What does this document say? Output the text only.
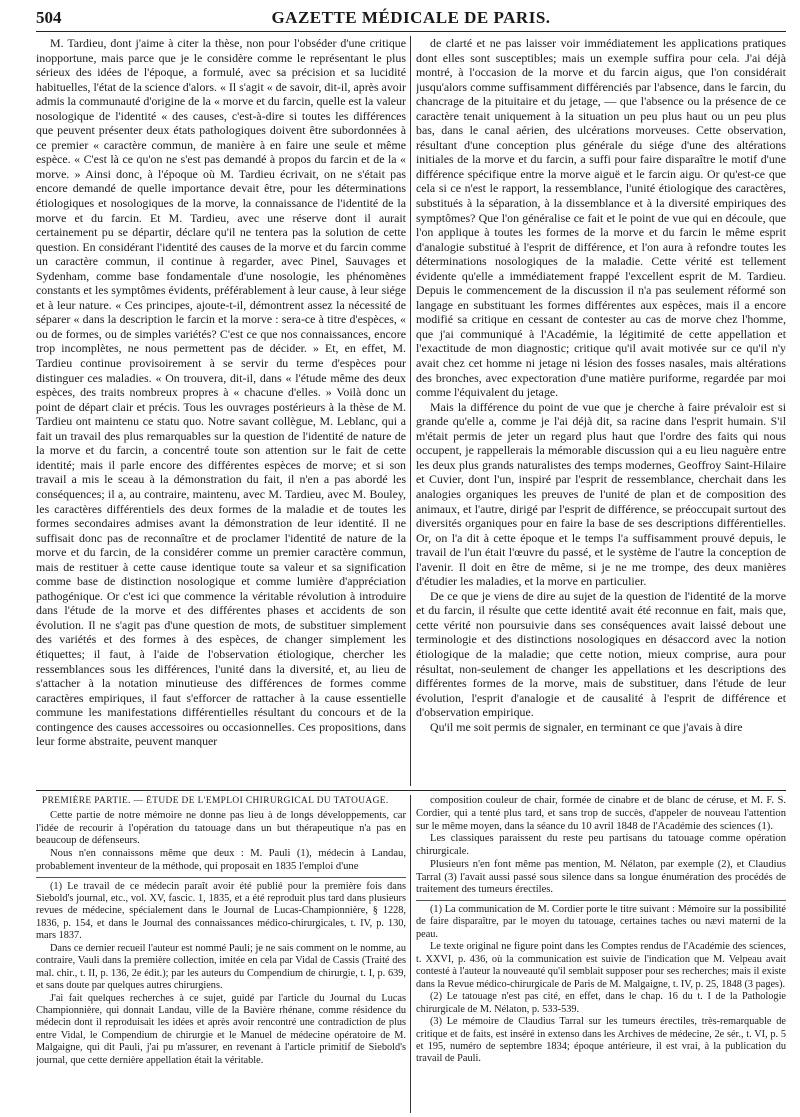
504	GAZETTE MÉDICALE DE PARIS.

M. Tardieu, dont j'aime à citer la thèse, non pour l'obséder d'une critique inopportune, mais parce que je le considère comme le représentant le plus sérieux des idées de l'époque, a formulé, avec sa précision et sa lucidité habituelles, l'état de la science d'alors. « Il s'agit « de savoir, dit-il, après avoir admis la communauté d'origine de la « morve et du farcin, quelle est la valeur nosologique de l'identité « des causes, c'est-à-dire si toutes les différences que peuvent présenter deux états pathologiques doivent être subordonnées à ce premier « caractère commun, de manière à en faire une seule et même espèce. « C'est là ce qu'on ne s'est pas demandé à propos du farcin et de la « morve. » Ainsi donc, à l'époque où M. Tardieu écrivait, on ne s'était pas encore demandé de quelle importance devait être, pour les déterminations étiologiques et nosologiques de la morve, la connaissance de l'identité de la morve et du farcin. Et M. Tardieu, avec une réserve dont il aurait certainement pu se départir, déclare qu'il ne tentera pas la solution de cette question. En considérant l'identité des causes de la morve et du farcin comme un caractère commun, il continue à regarder, avec Pinel, Sauvages et Sydenham, comme base fondamentale d'une nosologie, les phénomènes constants et les symptômes évidents, préférablement à leur cause, à leur siége et à leur nature. « Ces principes, ajoute-t-il, démontrent assez la nécessité de séparer « dans la description le farcin et la morve : sera-ce à titre d'espèces, « ou de formes, ou de simples variétés? C'est ce que nos connaissances, encore trop incomplètes, ne nous permettent pas de décider. » Et, en effet, M. Tardieu continue provisoirement à se servir du terme d'espèces pour distinguer ces maladies. « On trouvera, dit-il, dans « l'étude même des deux espèces, des traits nombreux propres à « chacune d'elles. » Voilà donc un point de départ clair et précis. Tous les ouvrages postérieurs à la thèse de M. Tardieu ont maintenu ce statu quo. Notre savant collègue, M. Leblanc, qui a fait un travail des plus remarquables sur la question de l'identité de nature de la morve et du farcin, a concentré toute son attention sur le fait de cette identité; mais il parle encore des différentes espèces de morve; et si son travail a mis le sceau à la démonstration du fait, il n'en a pas abordé les conséquences; il a, au contraire, maintenu, avec M. Tardieu, avec M. Bouley, les caractères différentiels des deux formes de la maladie et de toutes les formes secondaires admises avant la démonstration de leur identité. Il ne suffisait donc pas de reconnaître et de proclamer l'identité de nature de la morve et du farcin, de la considérer comme un premier caractère commun, mais de restituer à cette cause identique toute sa valeur et sa signification comme base de distinction nosologique et comme lumière d'appréciation pathogénique. Or c'est ici que commence la véritable révolution à introduire dans l'étude de la morve et des différentes phases et accidents de son évolution. Il ne s'agit pas d'une question de mots, de substituer simplement des variétés et des formes à des espèces, de changer simplement les étiquettes; il faut, à l'aide de l'observation étiologique, chercher les ressemblances sous les différences, l'unité dans la diversité, et, au lieu de s'attacher à la notation minutieuse des différences de formes comme caractères empiriques, il faut s'efforcer de rattacher à la cause essentielle commune les manifestations différentielles résultant du concours et de la contingence des causes accessoires ou occasionnelles. Ces propositions, dans leur forme abstraite, peuvent manquer

de clarté et ne pas laisser voir immédiatement les applications pratiques dont elles sont susceptibles; mais un exemple suffira pour cela. J'ai déjà montré, à l'occasion de la morve et du farcin aigus, que l'on considérait jusqu'alors comme suffisamment différenciés par l'absence, dans le farcin, du chancrage de la pituitaire et du jetage, — que l'absence ou la présence de ce caractère tenait uniquement à la situation un peu plus haut ou un peu plus bas, dans le canal aérien, des ulcérations morveuses. Cette observation, résultant d'une conception plus générale du siége d'une des altérations initiales de la morve et du farcin, a suffi pour faire disparaître le motif d'une différence spécifique entre la morve aiguë et le farcin aigu. Or qu'est-ce que cela si ce n'est le rapport, la ressemblance, l'unité étiologique des caractères, substitués à la séparation, à la dissemblance et à la diversité empiriques des symptômes? Que l'on généralise ce fait et le point de vue qui en découle, que l'on applique à toutes les formes de la morve et du farcin le même esprit d'analogie substitué à l'esprit de différence, et l'on aura à refondre toutes les déterminations nosologiques de la maladie. Cette vérité est tellement évidente qu'elle a immédiatement frappé l'excellent esprit de M. Tardieu. Depuis le commencement de la discussion il n'a pas seulement réformé son langage en substituant les formes différentes aux espèces, mais il a encore modifié sa critique en cessant de contester au cas de morve chez l'homme, que j'ai communiqué à l'Académie, la légitimité de cette appellation et l'exactitude de mon diagnostic; critique qu'il avait motivée sur ce qu'il n'y avait chez cet homme ni jetage ni lésion des fosses nasales, mais altérations des bronches, avec expectoration d'une matière puriforme, regardée par moi comme l'équivalent du jetage.

Mais la différence du point de vue que je cherche à faire prévaloir est si grande qu'elle a, comme je l'ai déjà dit, sa racine dans l'esprit humain. S'il m'était permis de jeter un regard plus haut que l'ordre des faits qui nous occupent, je rappellerais la mémorable discussion qui a eu lieu naguère entre les deux plus grands naturalistes des temps modernes, Geoffroy Saint-Hilaire et Cuvier, dont l'un, inspiré par l'esprit de ressemblance, cherchait dans les analogies organiques les preuves de l'unité de plan et de composition des animaux, et l'autre, dirigé par l'esprit de différence, se préoccupait surtout des diversités organiques pour en faire la base de ses descriptions différentielles. Or, on l'a dit à cette époque et le temps l'a suffisamment prouvé depuis, le travail de l'un était l'œuvre du passé, et le système de l'autre la conception de l'avenir. Il doit en être de même, si je ne me trompe, des deux manières d'étudier les maladies, et la morve en particulier.

De ce que je viens de dire au sujet de la question de l'identité de la morve et du farcin, il résulte que cette identité avait été reconnue en fait, mais que, cette vérité non poursuivie dans ses conséquences avait laissé debout une terminologie et des distinctions nosologiques en désaccord avec la notion étiologique de la maladie; que cette notion, mieux comprise, aura pour résultat, non-seulement de changer les appellations et les descriptions des différentes formes de la morve, mais de substituer, dans l'étude de leur évolution, l'esprit d'analogie et de causalité à l'esprit de différence et d'observation empirique.

Qu'il me soit permis de signaler, en terminant ce que j'avais à dire

PREMIÈRE PARTIE. — ÉTUDE DE L'EMPLOI CHIRURGICAL DU TATOUAGE.

Cette partie de notre mémoire ne donne pas lieu à de longs développements, car l'idée de recourir à l'opération du tatouage dans un but thérapeutique n'a pas en beaucoup de défenseurs.

Nous n'en connaissons même que deux : M. Pauli (1), médecin à Landau, probablement inventeur de la méthode, qui proposait en 1835 l'emploi d'une

(1) Le travail de ce médecin paraît avoir été publié pour la première fois dans Siebold's journal, etc., vol. XV, fascic. 1, 1835, et a été reproduit plus tard dans plusieurs revues de médecine, spécialement dans le Journal de Lucas-Championnière, § 1228, 1836, p. 154, et dans le Journal des connaissances médico-chirurgicales, t. IV, p. 130, mars 1837.

Dans ce dernier recueil l'auteur est nommé Pauli; je ne sais comment on le nomme, au contraire, Vauli dans la première collection, imitée en cela par Vidal de Cassis (Traité des mal. chir., t. II, p. 136, 2e édit.); par les auteurs du Compendium de chirurgie, t. I, p. 639, et sans doute par quelques autres chirurgiens.

J'ai fait quelques recherches à ce sujet, guidé par l'article du Journal du Lucas Championnière, qui donnait Landau, ville de la Bavière rhénane, comme résidence du médecin dont il reproduisait les idées et après avoir rencontré une contradiction de plus entre Vidal, le Compendium de chirurgie et le Manuel de médecine opératoire de M. Malgaigne, qui dit Pauli, j'ai pu m'assurer, en revenant à l'article primitif de Siebold's journal, que cette dernière appellation était la véritable.

composition couleur de chair, formée de cinabre et de blanc de céruse, et M. F. S. Cordier, qui a tenté plus tard, et sans trop de succès, d'appeler de nouveau l'attention sur le même moyen, dans la séance du 10 avril 1848 de l'Académie des sciences (1).

Les classiques paraissent du reste peu partisans du tatouage comme opération chirurgicale.

Plusieurs n'en font même pas mention, M. Nélaton, par exemple (2), et Claudius Tarral (3) l'avait aussi passé sous silence dans sa longue énumération des procédés de traitement des tumeurs érectiles.

(1) La communication de M. Cordier porte le titre suivant : Mémoire sur la possibilité de faire disparaître, par le moyen du tatouage, certaines taches ou nævi materni de la peau.

Le texte original ne figure point dans les Comptes rendus de l'Académie des sciences, t. XXVI, p. 436, où la communication est suivie de l'indication que M. Velpeau avait contesté à l'auteur la nouveauté qu'il semblait supposer pour ses recherches; mais il existe dans la Revue médico-chirurgicale de Paris de M. Malgaigne, t. IV, p. 25, 1848 (3 pages).

(2) Le tatouage n'est pas cité, en effet, dans le chap. 16 du t. I de la Pathologie chirurgicale de M. Nélaton, p. 533-539.

(3) Le mémoire de Claudius Tarral sur les tumeurs érectiles, très-remarquable de critique et de faits, est inséré in extenso dans les Archives de médecine, 2e sér., t. VI, p. 5 et 195, numéro de septembre 1834; époque antérieure, il est vrai, à la publication du travail de Pauli.
